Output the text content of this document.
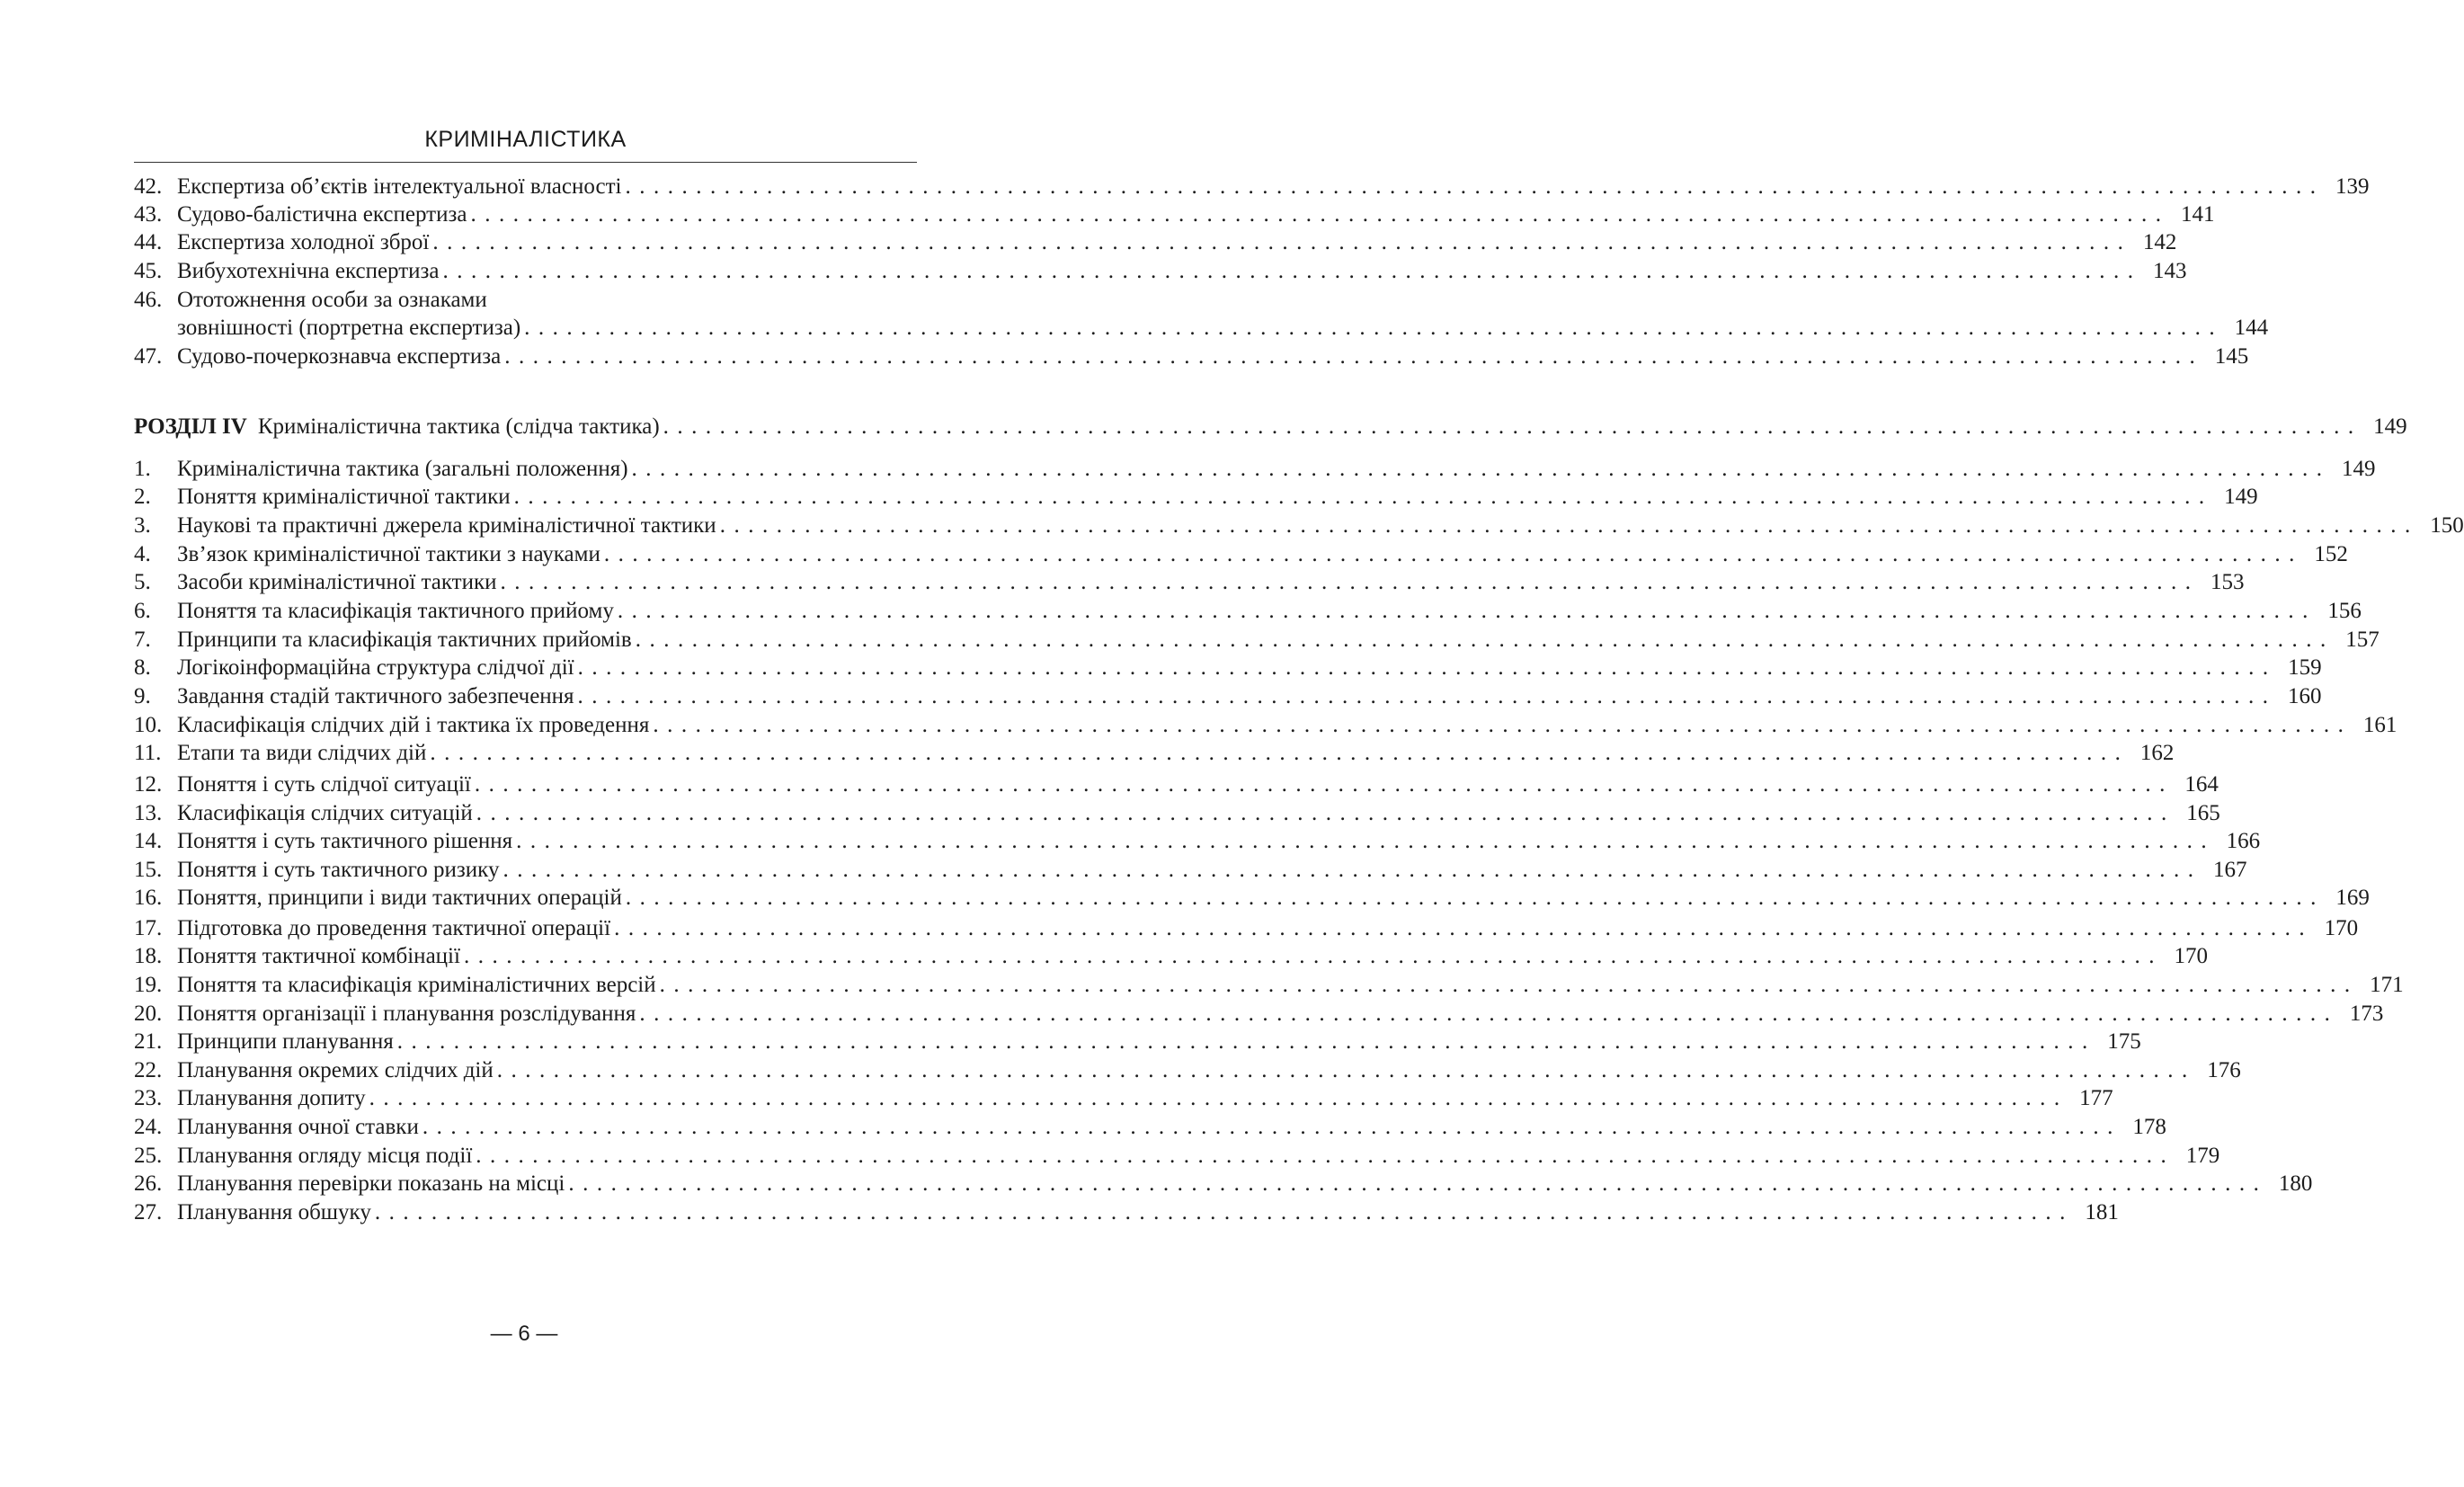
КРИМІНАЛІСТИКА
42. Експертиза об’єктів інтелектуальної власності ........................................................................................................................ 139
43. Судово-балістична експертиза ........................................................................................................................ 141
44. Експертиза холодної зброї ........................................................................................................................ 142
45. Вибухотехнічна експертиза ........................................................................................................................ 143
46. Ототожнення особи за ознаками
зовнішності (портретна експертиза) ........................................................................................................................ 144
47. Судово-почеркознавча експертиза ........................................................................................................................ 145
РОЗДІЛ IV Криміналістична тактика (слідча тактика) ........................................................................................................................ 149
1.	Криміналістична тактика (загальні положення) ........................................................................................................................ 149
2.	Поняття криміналістичної тактики ........................................................................................................................ 149
3.	Наукові та практичні джерела криміналістичної тактики ........................................................................................................................ 150
4.	Зв’язок криміналістичної тактики з науками ........................................................................................................................ 152
5.	Засоби криміналістичної тактики ........................................................................................................................ 153
6.	Поняття та класифікація тактичного прийому ........................................................................................................................ 156
7.	Принципи та класифікація тактичних прийомів ........................................................................................................................ 157
8.	Логікоінформаційна структура слідчої дії ........................................................................................................................ 159
9.	Завдання стадій тактичного забезпечення ........................................................................................................................ 160
10. Класифікація слідчих дій і тактика їх проведення ........................................................................................................................ 161
11. Етапи та види слідчих дій ........................................................................................................................ 162
12. Поняття і суть слідчої ситуації ........................................................................................................................ 164
13. Класифікація слідчих ситуацій ........................................................................................................................ 165
14. Поняття і суть тактичного рішення ........................................................................................................................ 166
15. Поняття і суть тактичного ризику ........................................................................................................................ 167
16. Поняття, принципи і види тактичних операцій ........................................................................................................................ 169
17. Підготовка до проведення тактичної операції ........................................................................................................................ 170
18. Поняття тактичної комбінації ........................................................................................................................ 170
19. Поняття та класифікація криміналістичних версій ........................................................................................................................ 171
20. Поняття організації і планування розслідування ........................................................................................................................ 173
21. Принципи планування ........................................................................................................................ 175
22. Планування окремих слідчих дій ........................................................................................................................ 176
23. Планування допиту ........................................................................................................................ 177
24. Планування очної ставки ........................................................................................................................ 178
25. Планування огляду місця події ........................................................................................................................ 179
26. Планування перевірки показань на місці ........................................................................................................................ 180
27. Планування обшуку ........................................................................................................................ 181
— 6 —
